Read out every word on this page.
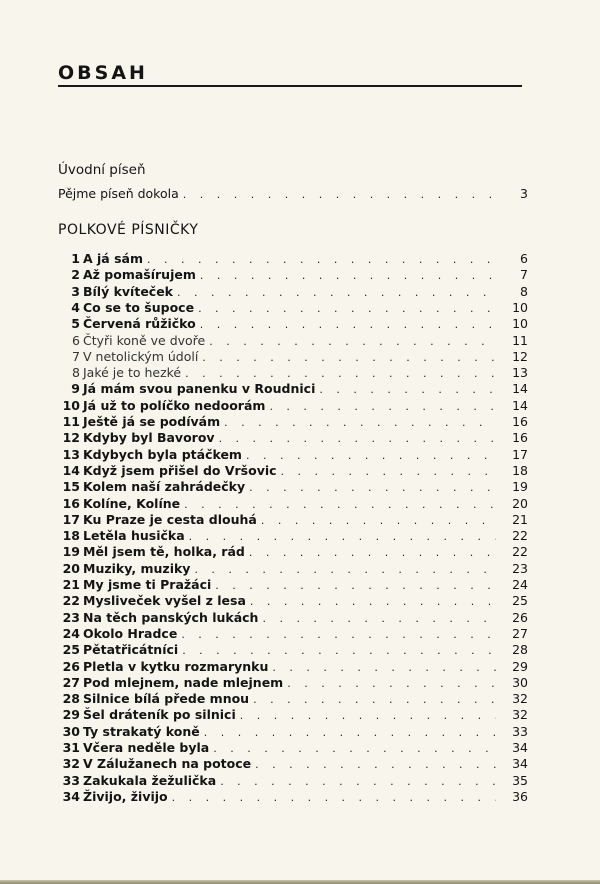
OBSAH
Úvodní píseň
Pějme píseň dokola . . .	3
POLKOVÉ PÍSNIČKY
1 A já sám . . .	6
2 Až pomašírujem . . .	7
3 Bílý kvíteček . . .	8
4 Co se to šupoce . . .	10
5 Červená růžičko . . .	10
6 Čtyři koně ve dvoře . . .	11
7 V netolickým údolí . . .	12
8 Jaké je to hezké . . .	13
9 Já mám svou panenku v Roudnici . . .	14
10 Já už to políčko nedoorám . . .	14
11 Ještě já se podívám . . .	16
12 Kdyby byl Bavorov . . .	16
13 Kdybych byla ptáčkem . . .	17
14 Když jsem přišel do Vršovic . . .	18
15 Kolem naší zahrádečky . . .	19
16 Kolíne, Kolíne . . .	20
17 Ku Praze je cesta dlouhá . . .	21
18 Letěla husička . . .	22
19 Měl jsem tě, holka, rád . . .	22
20 Muziky, muziky . . .	23
21 My jsme ti Pražáci . . .	24
22 Mysliveček vyšel z lesa . . .	25
23 Na těch panských lukách . . .	26
24 Okolo Hradce . . .	27
25 Pětatřicátníci . . .	28
26 Pletla v kytku rozmarynku . . .	29
27 Pod mlejnem, nade mlejnem . . .	30
28 Silnice bílá přede mnou . . .	32
29 Šel dráteník po silnici . . .	32
30 Ty strakatý koně . . .	33
31 Včera neděle byla . . .	34
32 V Zálužanech na potoce . . .	34
33 Zakukala žežulička . . .	35
34 Živijo, živijo . . .	36
